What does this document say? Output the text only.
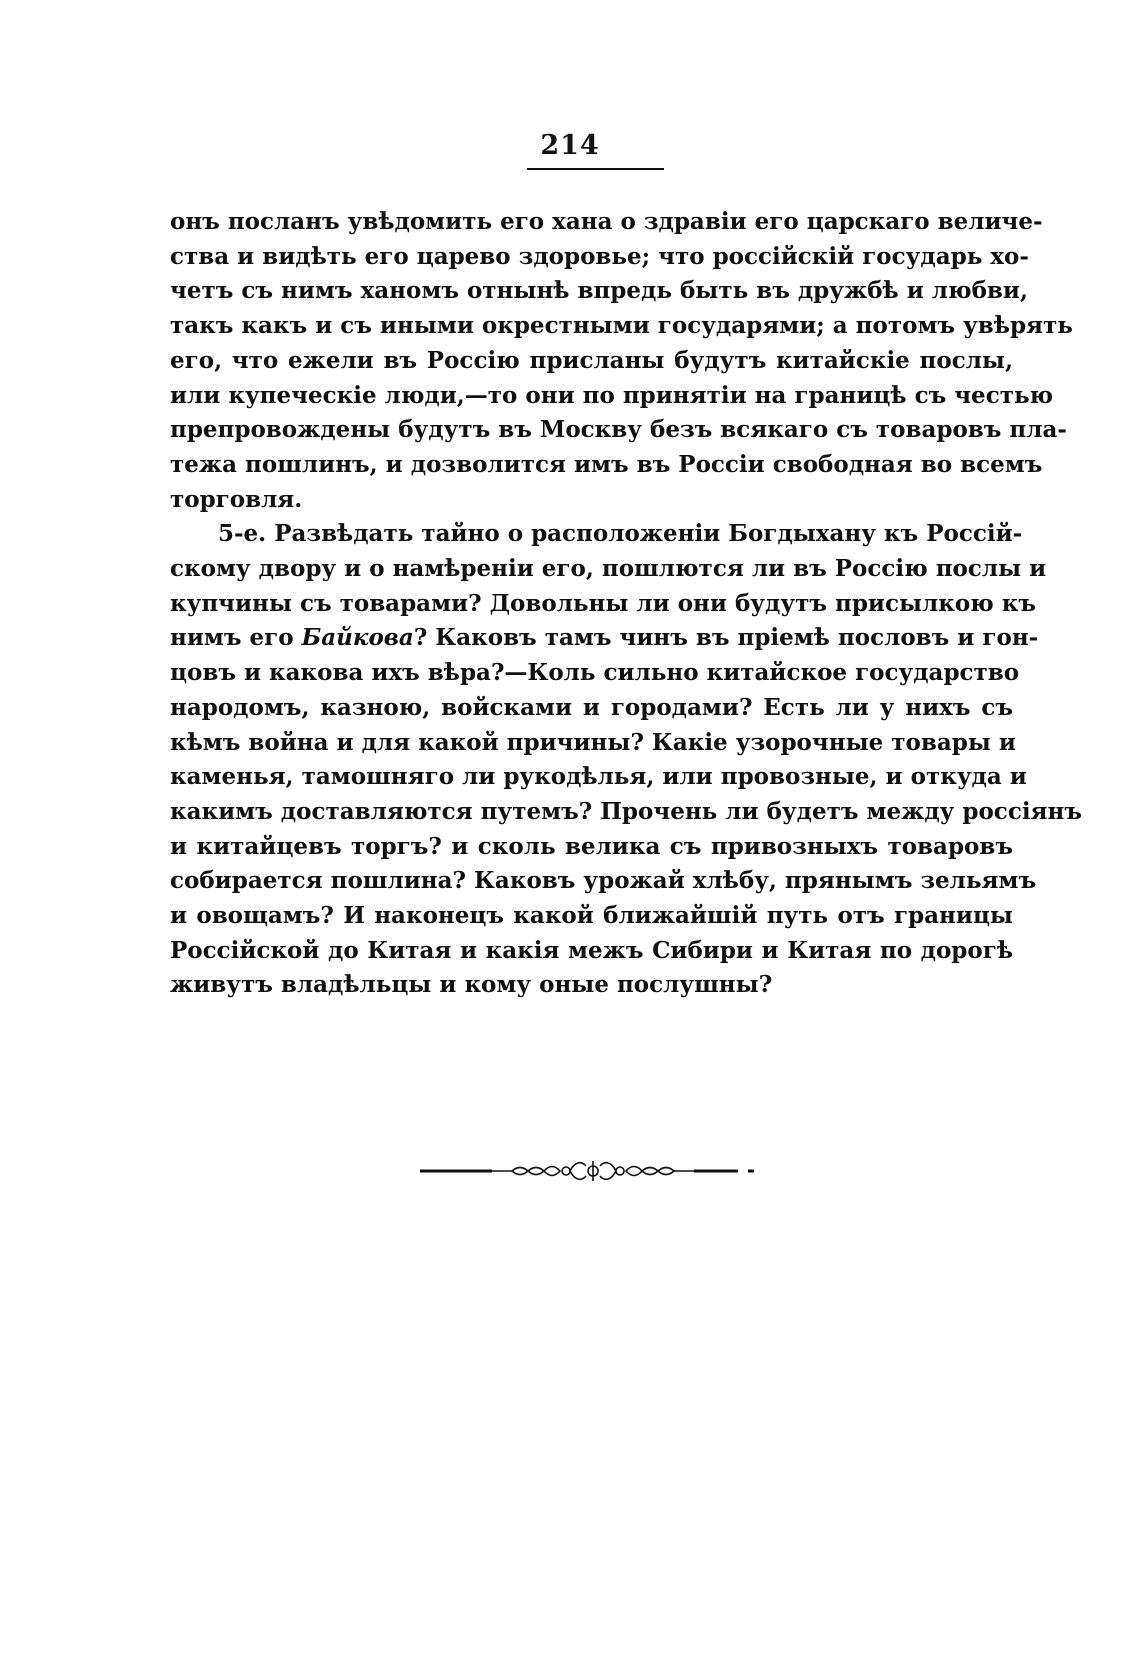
214
онъ посланъ увѣдомить его хана о здравіи его царскаго величе-
ства и видѣть его царево здоровье; что россійскій государь хо-
четъ съ нимъ ханомъ отнынѣ впредь быть въ дружбѣ и любви,
такъ какъ и съ иными окрестными государями; а потомъ увѣрять
его, что ежели въ Россію присланы будутъ китайскіе послы,
или купеческіе люди,—то они по принятіи на границѣ съ честью
препровождены будутъ въ Москву безъ всякаго съ товаровъ пла-
тежа пошлинъ, и дозволится имъ въ Россіи свободная во всемъ
торговля.
5-е. Развѣдать тайно о расположеніи Богдыхану къ Россій-
скому двору и о намѣреніи его, пошлются ли въ Россію послы и
купчины съ товарами? Довольны ли они будутъ присылкою къ
нимъ его Байкова? Каковъ тамъ чинъ въ пріемѣ пословъ и гон-
цовъ и какова ихъ вѣра?—Коль сильно китайское государство
народомъ, казною, войсками и городами? Есть ли у нихъ съ
кѣмъ война и для какой причины? Какіе узорочные товары и
каменья, тамошняго ли рукодѣлья, или провозные, и откуда и
какимъ доставляются путемъ? Прочень ли будетъ между россіянъ
и китайцевъ торгъ? и сколь велика съ привозныхъ товаровъ
собирается пошлина? Каковъ урожай хлѣбу, прянымъ зельямъ
и овощамъ? И наконецъ какой ближайшій путь отъ границы
Россійской до Китая и какія межъ Сибири и Китая по дорогѣ
живутъ владѣльцы и кому оные послушны?
